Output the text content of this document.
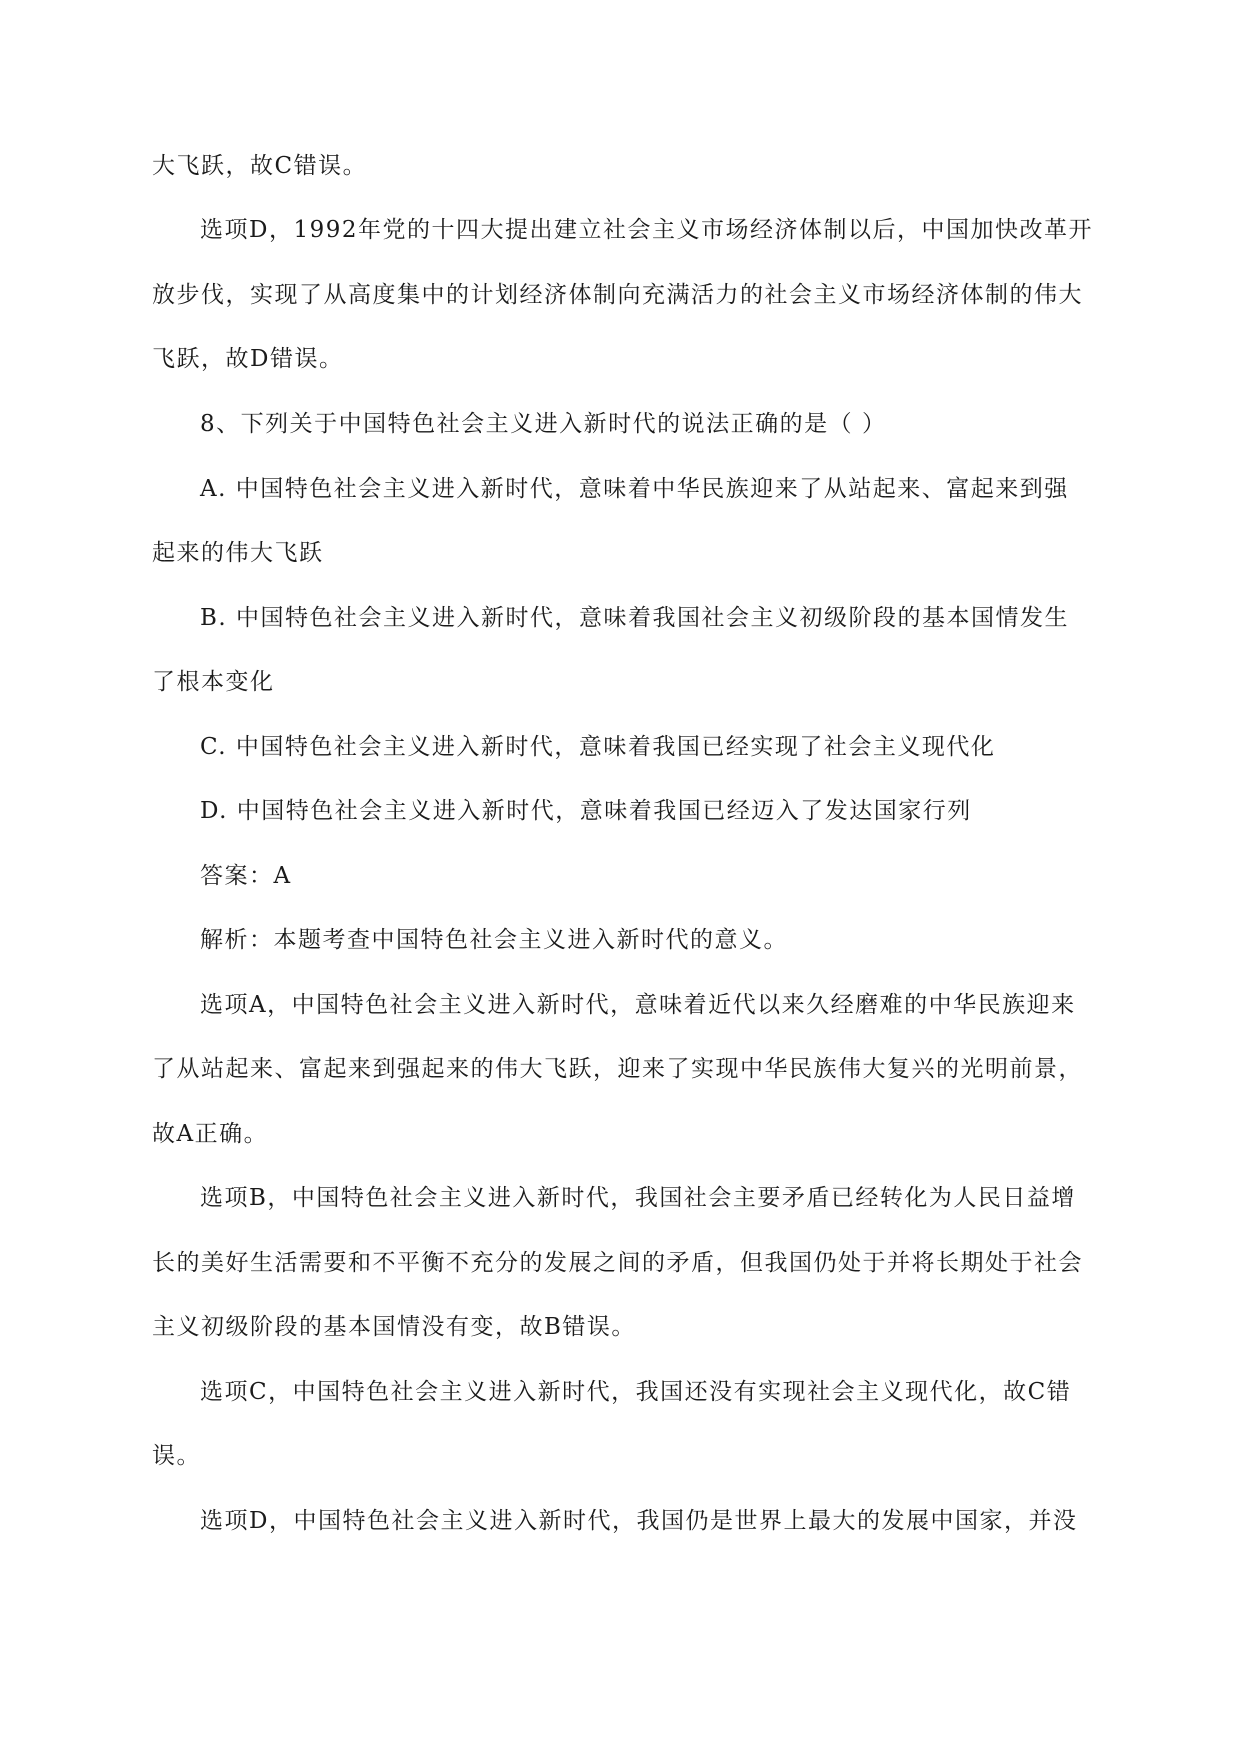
大飞跃，故C错误。
选项D，1992年党的十四大提出建立社会主义市场经济体制以后，中国加快改革开
放步伐，实现了从高度集中的计划经济体制向充满活力的社会主义市场经济体制的伟大
飞跃，故D错误。
8、下列关于中国特色社会主义进入新时代的说法正确的是（ ）
A. 中国特色社会主义进入新时代，意味着中华民族迎来了从站起来、富起来到强
起来的伟大飞跃
B. 中国特色社会主义进入新时代，意味着我国社会主义初级阶段的基本国情发生
了根本变化
C. 中国特色社会主义进入新时代，意味着我国已经实现了社会主义现代化
D. 中国特色社会主义进入新时代，意味着我国已经迈入了发达国家行列
答案：A
解析：本题考查中国特色社会主义进入新时代的意义。
选项A，中国特色社会主义进入新时代，意味着近代以来久经磨难的中华民族迎来
了从站起来、富起来到强起来的伟大飞跃，迎来了实现中华民族伟大复兴的光明前景，
故A正确。
选项B，中国特色社会主义进入新时代，我国社会主要矛盾已经转化为人民日益增
长的美好生活需要和不平衡不充分的发展之间的矛盾，但我国仍处于并将长期处于社会
主义初级阶段的基本国情没有变，故B错误。
选项C，中国特色社会主义进入新时代，我国还没有实现社会主义现代化，故C错
误。
选项D，中国特色社会主义进入新时代，我国仍是世界上最大的发展中国家，并没
